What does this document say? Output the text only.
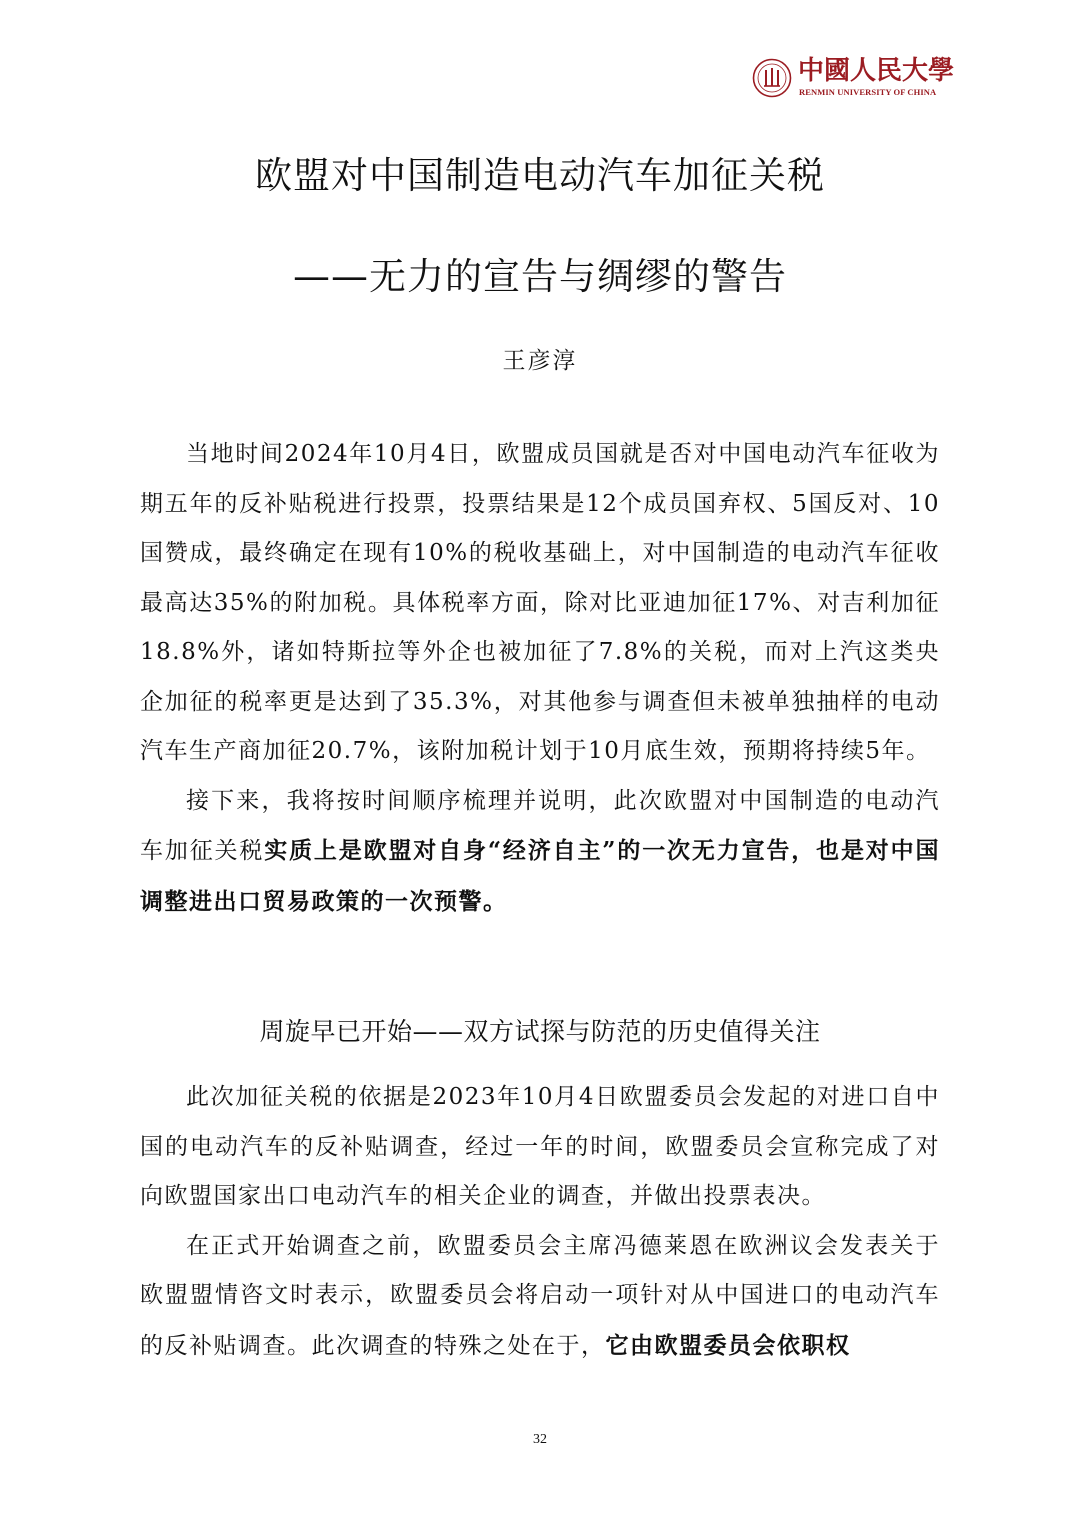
中國人民大學
RENMIN UNIVERSITY OF CHINA
欧盟对中国制造电动汽车加征关税
——无力的宣告与绸缪的警告
王彦淳

当地时间2024年10月4日，欧盟成员国就是否对中国电动汽车征收为期五年的反补贴税进行投票，投票结果是12个成员国弃权、5国反对、10国赞成，最终确定在现有10%的税收基础上，对中国制造的电动汽车征收最高达35%的附加税。具体税率方面，除对比亚迪加征17%、对吉利加征18.8%外，诸如特斯拉等外企也被加征了7.8%的关税，而对上汽这类央企加征的税率更是达到了35.3%，对其他参与调查但未被单独抽样的电动汽车生产商加征20.7%，该附加税计划于10月底生效，预期将持续5年。

接下来，我将按时间顺序梳理并说明，此次欧盟对中国制造的电动汽车加征关税实质上是欧盟对自身“经济自主”的一次无力宣告，也是对中国调整进出口贸易政策的一次预警。

周旋早已开始——双方试探与防范的历史值得关注

此次加征关税的依据是2023年10月4日欧盟委员会发起的对进口自中国的电动汽车的反补贴调查，经过一年的时间，欧盟委员会宣称完成了对向欧盟国家出口电动汽车的相关企业的调查，并做出投票表决。

在正式开始调查之前，欧盟委员会主席冯德莱恩在欧洲议会发表关于欧盟盟情咨文时表示，欧盟委员会将启动一项针对从中国进口的电动汽车的反补贴调查。此次调查的特殊之处在于，它由欧盟委员会依职权

32
